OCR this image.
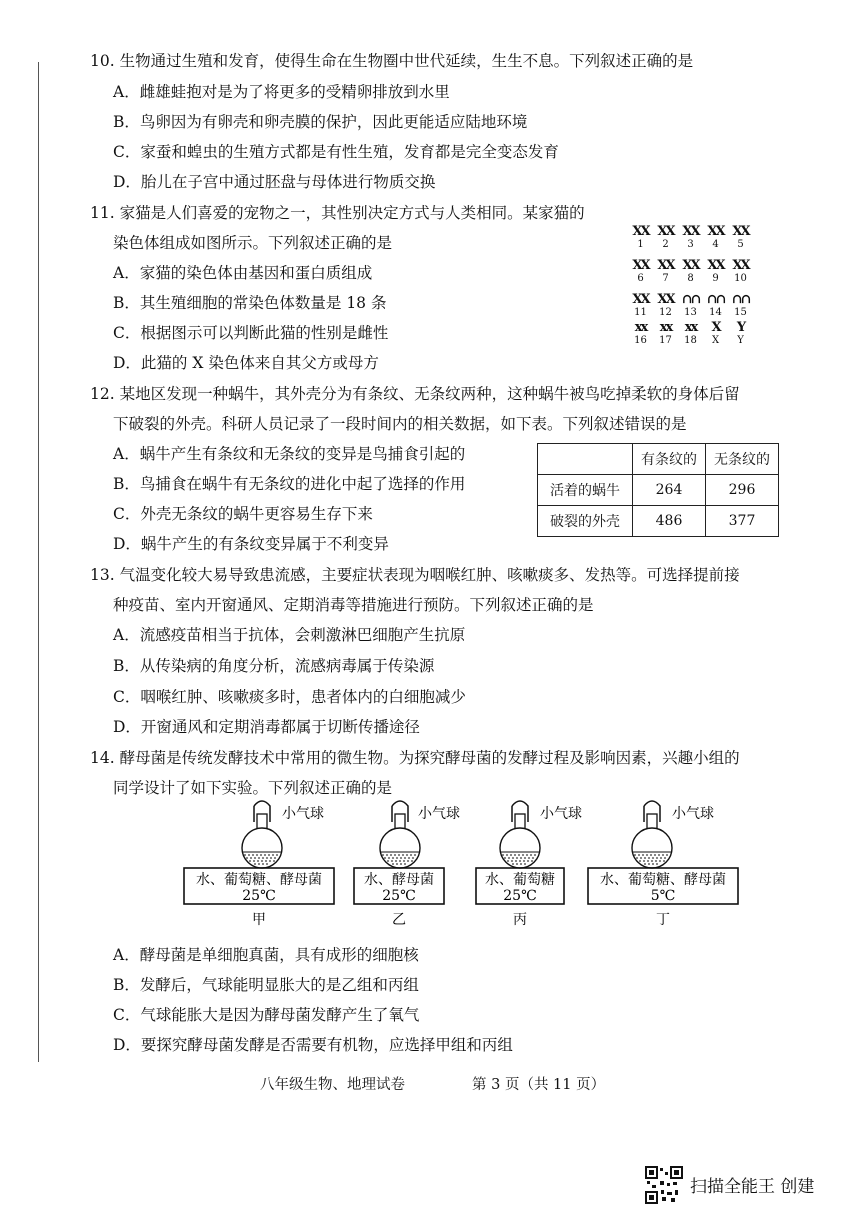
10. 生物通过生殖和发育，使得生命在生物圈中世代延续，生生不息。下列叙述正确的是
A．雌雄蛙抱对是为了将更多的受精卵排放到水里
B．鸟卵因为有卵壳和卵壳膜的保护，因此更能适应陆地环境
C．家蚕和蝗虫的生殖方式都是有性生殖，发育都是完全变态发育
D．胎儿在子宫中通过胚盘与母体进行物质交换
11. 家猫是人们喜爱的宠物之一，其性别决定方式与人类相同。某家猫的
染色体组成如图所示。下列叙述正确的是
A．家猫的染色体由基因和蛋白质组成
B．其生殖细胞的常染色体数量是 18 条
C．根据图示可以判断此猫的性别是雌性
D．此猫的 X 染色体来自其父方或母方
XX
1
XX
2
XX
3
XX
4
XX
5
XX
6
XX
7
XX
8
XX
9
XX
10
XX
11
XX
12
∩∩
13
∩∩
14
∩∩
15
xx
16
xx
17
xx
18
X
X
Y
Y
12. 某地区发现一种蜗牛，其外壳分为有条纹、无条纹两种，这种蜗牛被鸟吃掉柔软的身体后留
下破裂的外壳。科研人员记录了一段时间内的相关数据，如下表。下列叙述错误的是
A．蜗牛产生有条纹和无条纹的变异是鸟捕食引起的
B．鸟捕食在蜗牛有无条纹的进化中起了选择的作用
C．外壳无条纹的蜗牛更容易生存下来
D．蜗牛产生的有条纹变异属于不利变异
	有条纹的	无条纹的
活着的蜗牛	264	296
破裂的外壳	486	377
13. 气温变化较大易导致患流感，主要症状表现为咽喉红肿、咳嗽痰多、发热等。可选择提前接
种疫苗、室内开窗通风、定期消毒等措施进行预防。下列叙述正确的是
A．流感疫苗相当于抗体，会刺激淋巴细胞产生抗原
B．从传染病的角度分析，流感病毒属于传染源
C．咽喉红肿、咳嗽痰多时，患者体内的白细胞减少
D．开窗通风和定期消毒都属于切断传播途径
14. 酵母菌是传统发酵技术中常用的微生物。为探究酵母菌的发酵过程及影响因素，兴趣小组的
同学设计了如下实验。下列叙述正确的是
小气球	小气球	小气球	小气球
水、葡萄糖、酵母菌	水、酵母菌	水、葡萄糖	水、葡萄糖、酵母菌
25℃	25℃	25℃	5℃
甲	乙	丙	丁
A．酵母菌是单细胞真菌，具有成形的细胞核
B．发酵后，气球能明显胀大的是乙组和丙组
C．气球能胀大是因为酵母菌发酵产生了氧气
D．要探究酵母菌发酵是否需要有机物，应选择甲组和丙组
八年级生物、地理试卷	第 3 页（共 11 页）
扫描全能王 创建
